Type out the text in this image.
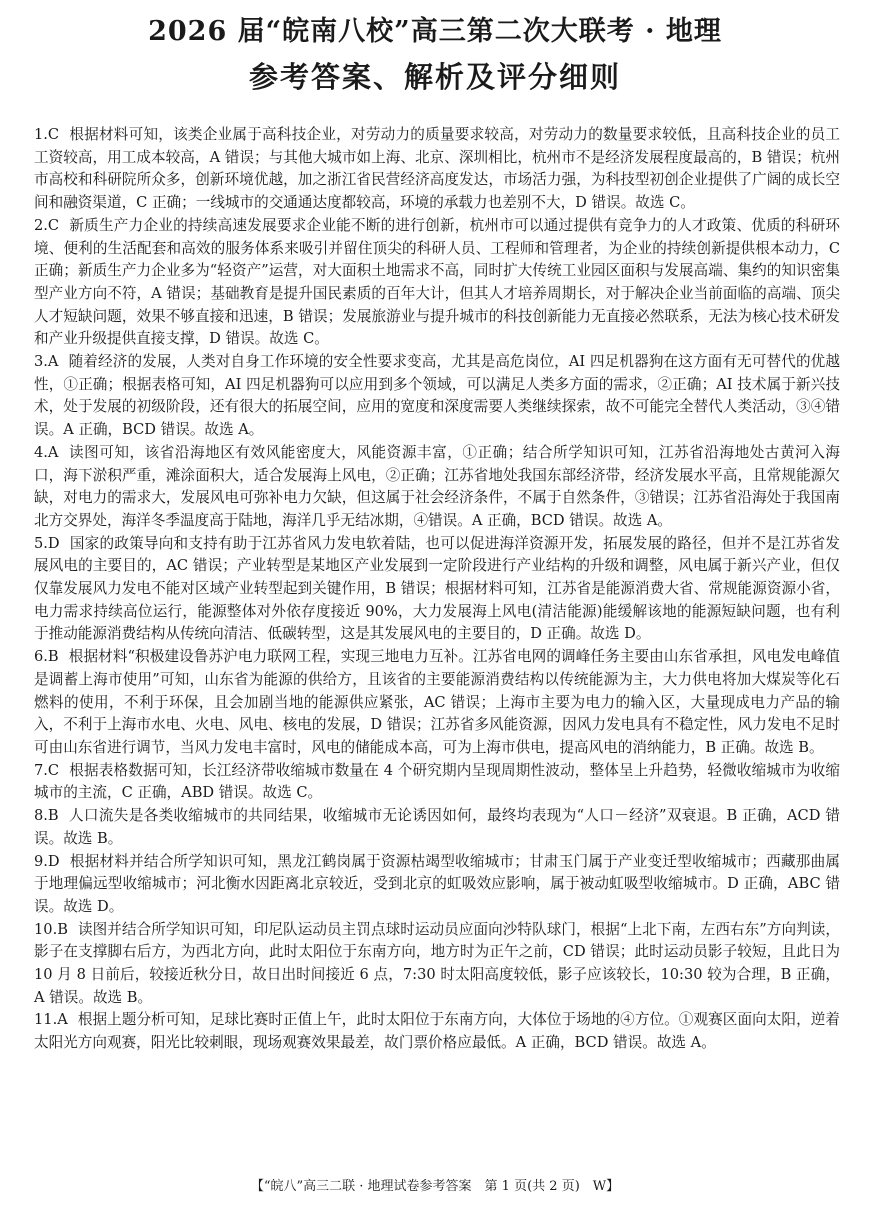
2026 届“皖南八校”高三第二次大联考 · 地理
参考答案、解析及评分细则

1.C 根据材料可知，该类企业属于高科技企业，对劳动力的质量要求较高，对劳动力的数量要求较低，且高科技企业的员工工资较高，用工成本较高，A 错误；与其他大城市如上海、北京、深圳相比，杭州市不是经济发展程度最高的，B 错误；杭州市高校和科研院所众多，创新环境优越，加之浙江省民营经济高度发达，市场活力强，为科技型初创企业提供了广阔的成长空间和融资渠道，C 正确；一线城市的交通通达度都较高，环境的承载力也差别不大，D 错误。故选 C。

2.C 新质生产力企业的持续高速发展要求企业能不断的进行创新，杭州市可以通过提供有竞争力的人才政策、优质的科研环境、便利的生活配套和高效的服务体系来吸引并留住顶尖的科研人员、工程师和管理者，为企业的持续创新提供根本动力，C 正确；新质生产力企业多为“轻资产”运营，对大面积土地需求不高，同时扩大传统工业园区面积与发展高端、集约的知识密集型产业方向不符，A 错误；基础教育是提升国民素质的百年大计，但其人才培养周期长，对于解决企业当前面临的高端、顶尖人才短缺问题，效果不够直接和迅速，B 错误；发展旅游业与提升城市的科技创新能力无直接必然联系，无法为核心技术研发和产业升级提供直接支撑，D 错误。故选 C。

3.A 随着经济的发展，人类对自身工作环境的安全性要求变高，尤其是高危岗位，AI 四足机器狗在这方面有无可替代的优越性，①正确；根据表格可知，AI 四足机器狗可以应用到多个领域，可以满足人类多方面的需求，②正确；AI 技术属于新兴技术，处于发展的初级阶段，还有很大的拓展空间，应用的宽度和深度需要人类继续探索，故不可能完全替代人类活动，③④错误。A 正确，BCD 错误。故选 A。

4.A 读图可知，该省沿海地区有效风能密度大，风能资源丰富，①正确；结合所学知识可知，江苏省沿海地处古黄河入海口，海下淤积严重，滩涂面积大，适合发展海上风电，②正确；江苏省地处我国东部经济带，经济发展水平高，且常规能源欠缺，对电力的需求大，发展风电可弥补电力欠缺，但这属于社会经济条件，不属于自然条件，③错误；江苏省沿海处于我国南北方交界处，海洋冬季温度高于陆地，海洋几乎无结冰期，④错误。A 正确，BCD 错误。故选 A。

5.D 国家的政策导向和支持有助于江苏省风力发电软着陆，也可以促进海洋资源开发，拓展发展的路径，但并不是江苏省发展风电的主要目的，AC 错误；产业转型是某地区产业发展到一定阶段进行产业结构的升级和调整，风电属于新兴产业，但仅仅靠发展风力发电不能对区域产业转型起到关键作用，B 错误；根据材料可知，江苏省是能源消费大省、常规能源资源小省，电力需求持续高位运行，能源整体对外依存度接近 90%，大力发展海上风电(清洁能源)能缓解该地的能源短缺问题，也有利于推动能源消费结构从传统向清洁、低碳转型，这是其发展风电的主要目的，D 正确。故选 D。

6.B 根据材料“积极建设鲁苏沪电力联网工程，实现三地电力互补。江苏省电网的调峰任务主要由山东省承担，风电发电峰值是调蓄上海市使用”可知，山东省为能源的供给方，且该省的主要能源消费结构以传统能源为主，大力供电将加大煤炭等化石燃料的使用，不利于环保，且会加剧当地的能源供应紧张，AC 错误；上海市主要为电力的输入区，大量现成电力产品的输入，不利于上海市水电、火电、风电、核电的发展，D 错误；江苏省多风能资源，因风力发电具有不稳定性，风力发电不足时可由山东省进行调节，当风力发电丰富时，风电的储能成本高，可为上海市供电，提高风电的消纳能力，B 正确。故选 B。

7.C 根据表格数据可知，长江经济带收缩城市数量在 4 个研究期内呈现周期性波动，整体呈上升趋势，轻微收缩城市为收缩城市的主流，C 正确，ABD 错误。故选 C。

8.B 人口流失是各类收缩城市的共同结果，收缩城市无论诱因如何，最终均表现为“人口－经济”双衰退。B 正确，ACD 错误。故选 B。

9.D 根据材料并结合所学知识可知，黑龙江鹤岗属于资源枯竭型收缩城市；甘肃玉门属于产业变迁型收缩城市；西藏那曲属于地理偏远型收缩城市；河北衡水因距离北京较近，受到北京的虹吸效应影响，属于被动虹吸型收缩城市。D 正确，ABC 错误。故选 D。

10.B 读图并结合所学知识可知，印尼队运动员主罚点球时运动员应面向沙特队球门，根据“上北下南，左西右东”方向判读，影子在支撑脚右后方，为西北方向，此时太阳位于东南方向，地方时为正午之前，CD 错误；此时运动员影子较短，且此日为 10 月 8 日前后，较接近秋分日，故日出时间接近 6 点，7:30 时太阳高度较低，影子应该较长，10:30 较为合理，B 正确，A 错误。故选 B。

11.A 根据上题分析可知，足球比赛时正值上午，此时太阳位于东南方向，大体位于场地的④方位。①观赛区面向太阳，逆着太阳光方向观赛，阳光比较刺眼，现场观赛效果最差，故门票价格应最低。A 正确，BCD 错误。故选 A。

【“皖八”高三二联 · 地理试卷参考答案　第 1 页(共 2 页)　W】
